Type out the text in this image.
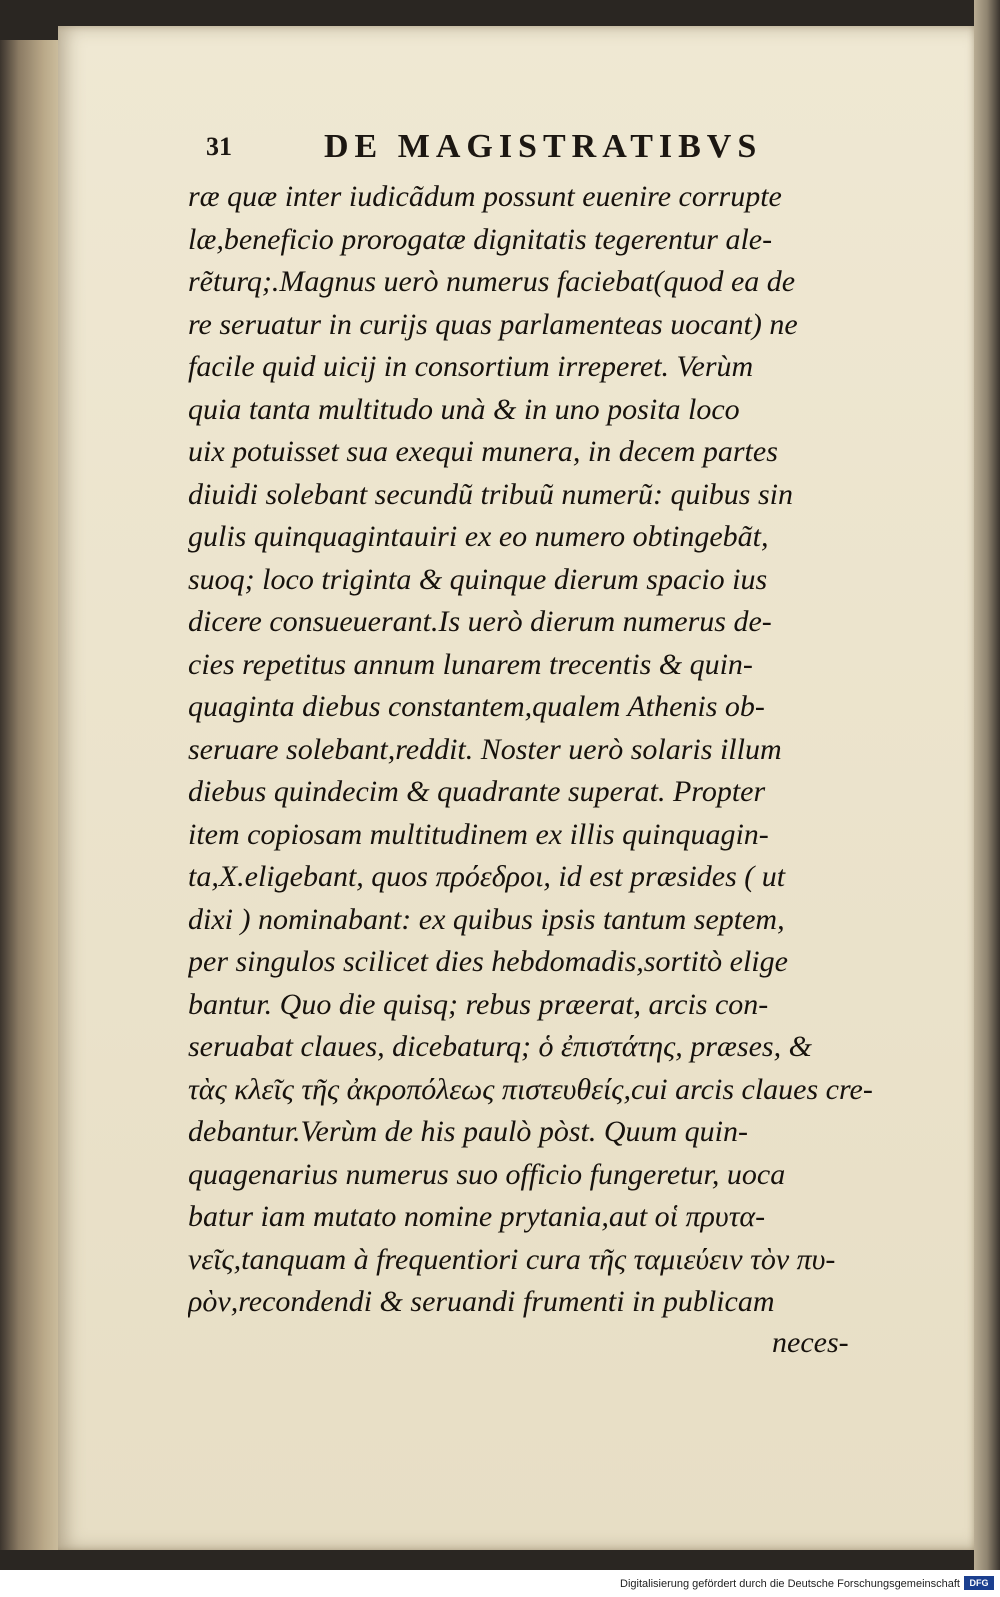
31	DE MAGISTRATIBVS
ræ quæ inter iudicãdum possunt euenire corrupte
læ,beneficio prorogatæ dignitatis tegerentur ale-
rẽturq;.Magnus uerò numerus faciebat(quod ea de
re seruatur in curijs quas parlamenteas uocant) ne
facile quid uicij in consortium irreperet. Verùm
quia tanta multitudo unà & in uno posita loco
uix potuisset sua exequi munera, in decem partes
diuidi solebant secundũ tribuũ numerũ: quibus sin
gulis quinquagintauiri ex eo numero obtingebãt,
suoq; loco triginta & quinque dierum spacio ius
dicere consueuerant.Is uerò dierum numerus de-
cies repetitus annum lunarem trecentis & quin-
quaginta diebus constantem,qualem Athenis ob-
seruare solebant,reddit. Noster uerò solaris illum
diebus quindecim & quadrante superat. Propter
item copiosam multitudinem ex illis quinquagin-
ta,X.eligebant, quos πρόεδροι, id est præsides ( ut
dixi ) nominabant: ex quibus ipsis tantum septem,
per singulos scilicet dies hebdomadis,sortitò elige
bantur. Quo die quisq; rebus præerat, arcis con-
seruabat claues, dicebaturq; ὁ ἐπιστάτης, præses, &
τὰς κλεῖς τῆς ἀκροπόλεως πιστευθείς,cui arcis claues cre-
debantur.Verùm de his paulò pòst. Quum quin-
quagenarius numerus suo officio fungeretur, uoca
batur iam mutato nomine prytania,aut οἱ πρυτα-
νεῖς,tanquam à frequentiori cura τῆς ταμιεύειν τὸν πυ-
ρὸν,recondendi & seruandi frumenti in publicam
neces-
Digitalisierung gefördert durch die Deutsche Forschungsgemeinschaft	DFG
